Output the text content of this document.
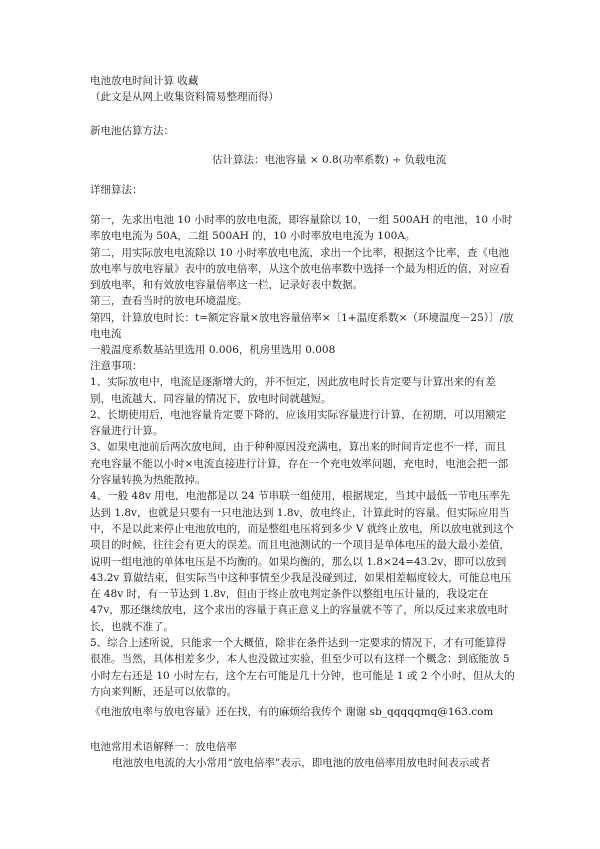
电池放电时间计算 收藏

（此文是从网上收集资料简易整理而得）

新电池估算方法：

估计算法：电池容量 × 0.8(功率系数) ÷ 负载电流

详细算法：

第一，先求出电池 10 小时率的放电电流，即容量除以 10，一组 500AH 的电池，10 小时率放电电流为 50A，二组 500AH 的，10 小时率放电电流为 100A。

第二，用实际放电电流除以 10 小时率放电电流，求出一个比率，根据这个比率，查《电池放电率与放电容量》表中的放电倍率，从这个放电倍率数中选择一个最为相近的值，对应看到放电率，和有效放电容量倍率这一栏，记录好表中数据。

第三，查看当时的放电环境温度。

第四，计算放电时长：t=额定容量×放电容量倍率×〔1+温度系数×（环境温度－25）〕/放电电流

一般温度系数基站里选用 0.006，机房里选用 0.008

注意事项：

1、实际放电中，电流是逐渐增大的，并不恒定，因此放电时长肯定要与计算出来的有差别，电流越大，同容量的情况下，放电时间就越短。

2、长期使用后，电池容量肯定要下降的，应该用实际容量进行计算，在初期，可以用额定容量进行计算。

3、如果电池前后两次放电间，由于种种原因没充满电，算出来的时间肯定也不一样，而且充电容量不能以小时×电流直接进行计算，存在一个充电效率问题，充电时，电池会把一部分容量转换为热能散掉。

4、一般 48v 用电，电池都是以 24 节串联一组使用，根据规定，当其中最低一节电压率先达到 1.8v，也就是只要有一只电池达到 1.8v，放电终止，计算此时的容量。但实际应用当中，不是以此来停止电池放电的，而是整组电压将到多少 V 就终止放电，所以放电就到这个项目的时候，往往会有更大的误差。而且电池测试的一个项目是单体电压的最大最小差值，说明一组电池的单体电压是不均衡的。如果均衡的，那么以 1.8×24=43.2v，即可以放到 43.2v 算做结束，但实际当中这种事情至少我是没碰到过，如果相差幅度较大，可能总电压在 48v 时，有一节达到 1.8v，但由于终止放电判定条件以整组电压计量的，我设定在 47v，那还继续放电，这个求出的容量于真正意义上的容量就不等了，所以反过来求放电时长，也就不准了。

5、综合上述所说，只能求一个大概值，除非在条件达到一定要求的情况下，才有可能算得很准。当然，具体相差多少，本人也没做过实验，但至少可以有这样一个概念：到底能放 5 小时左右还是 10 小时左右，这个左右可能是几十分钟，也可能是 1 或 2 个小时，但从大的方向来判断，还是可以依靠的。

《电池放电率与放电容量》还在找，有的麻烦给我传个 谢谢 sb_qqqqqmq@163.com

电池常用术语解释一：放电倍率

电池放电电流的大小常用“放电倍率”表示，即电池的放电倍率用放电时间表示或者
